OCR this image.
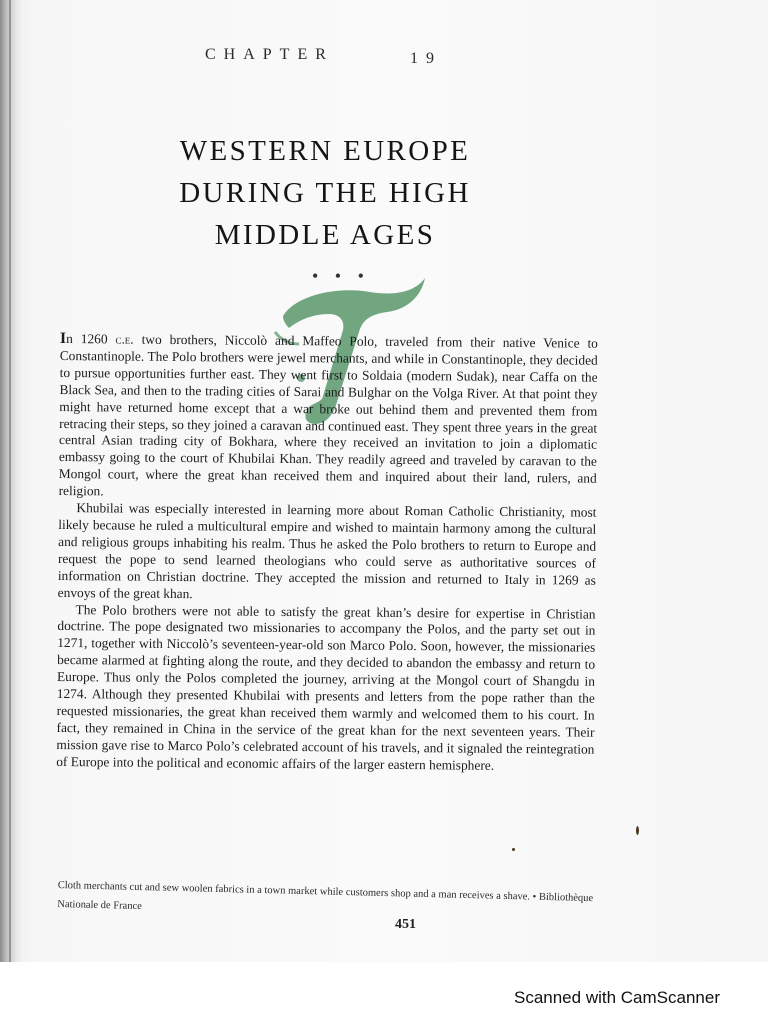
CHAPTER	19
WESTERN EUROPE
DURING THE HIGH
MIDDLE AGES
• • •

In 1260 c.e. two brothers, Niccolò and Maffeo Polo, traveled from their native Venice to Constantinople. The Polo brothers were jewel merchants, and while in Constantinople, they decided to pursue opportunities further east. They went first to Soldaia (modern Sudak), near Caffa on the Black Sea, and then to the trading cities of Sarai and Bulghar on the Volga River. At that point they might have returned home except that a war broke out behind them and prevented them from retracing their steps, so they joined a caravan and continued east. They spent three years in the great central Asian trading city of Bokhara, where they received an invitation to join a diplomatic embassy going to the court of Khubilai Khan. They readily agreed and traveled by caravan to the Mongol court, where the great khan received them and inquired about their land, rulers, and religion.

Khubilai was especially interested in learning more about Roman Catholic Christianity, most likely because he ruled a multicultural empire and wished to maintain harmony among the cultural and religious groups inhabiting his realm. Thus he asked the Polo brothers to return to Europe and request the pope to send learned theologians who could serve as authoritative sources of information on Christian doctrine. They accepted the mission and returned to Italy in 1269 as envoys of the great khan.

The Polo brothers were not able to satisfy the great khan’s desire for expertise in Christian doctrine. The pope designated two missionaries to accompany the Polos, and the party set out in 1271, together with Niccolò’s seventeen-year-old son Marco Polo. Soon, however, the missionaries became alarmed at fighting along the route, and they decided to abandon the embassy and return to Europe. Thus only the Polos completed the journey, arriving at the Mongol court of Shangdu in 1274. Although they presented Khubilai with presents and letters from the pope rather than the requested missionaries, the great khan received them warmly and welcomed them to his court. In fact, they remained in China in the service of the great khan for the next seventeen years. Their mission gave rise to Marco Polo’s celebrated account of his travels, and it signaled the reintegration of Europe into the political and economic affairs of the larger eastern hemisphere.

Cloth merchants cut and sew woolen fabrics in a town market while customers shop and a man receives a shave. • Bibliothèque Nationale de France
451
Scanned with CamScanner
